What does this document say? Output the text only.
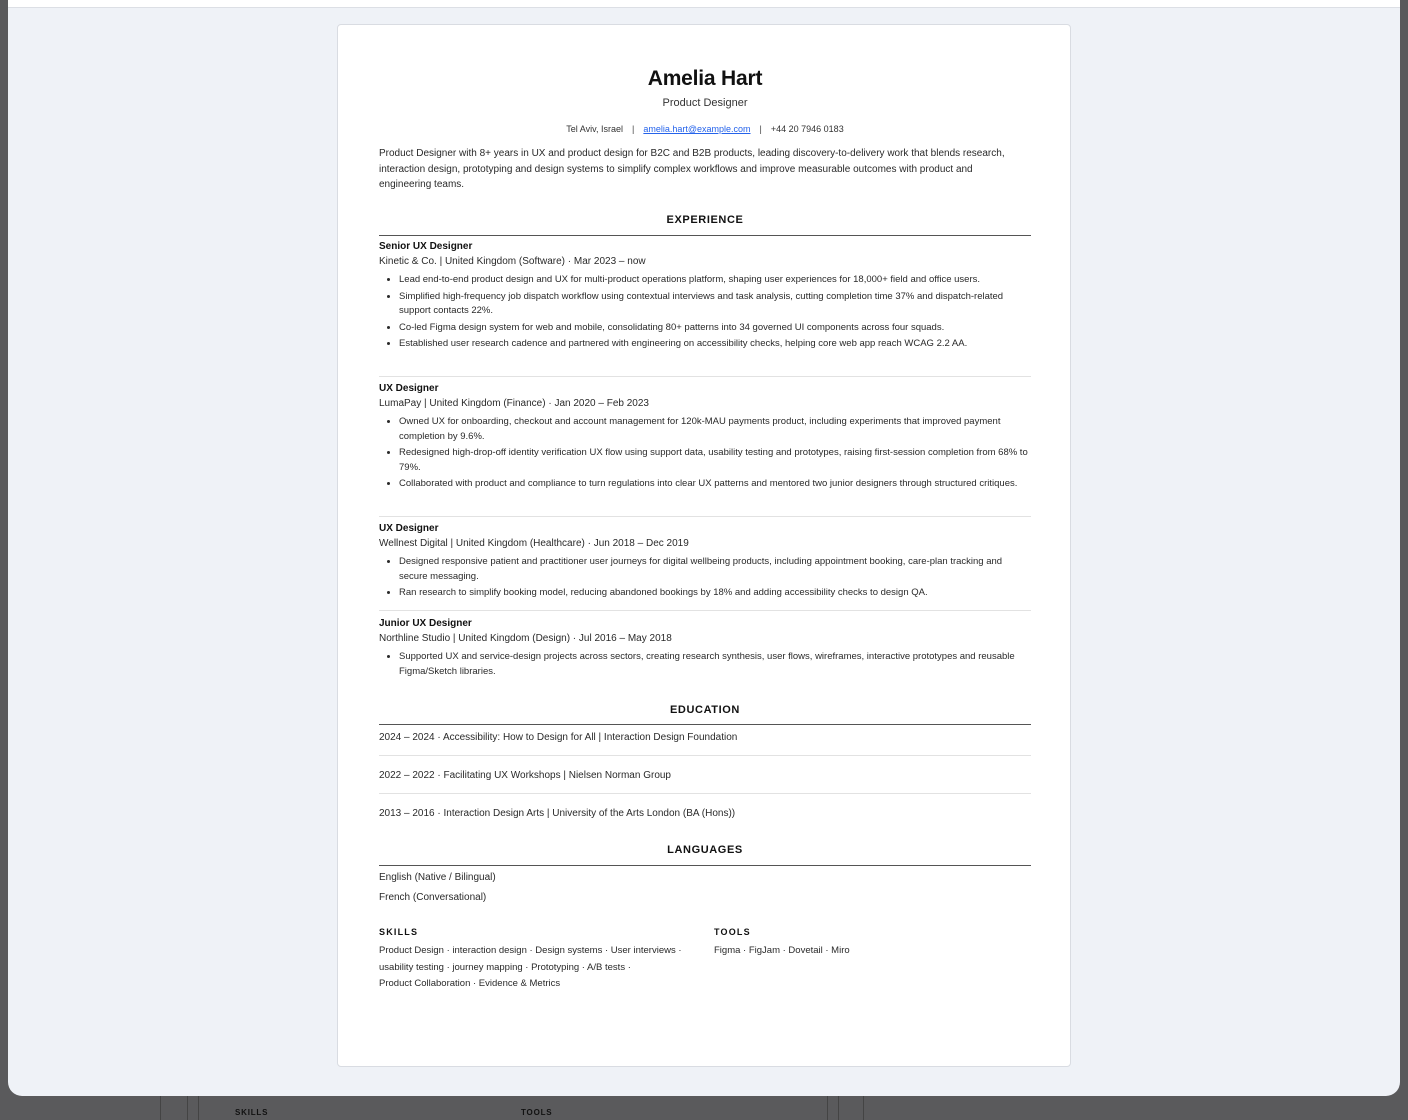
SKILLS	TOOLS
Amelia Hart
Product Designer
Tel Aviv, Israel | amelia.hart@example.com | +44 20 7946 0183
Product Designer with 8+ years in UX and product design for B2C and B2B products, leading discovery-to-delivery work that blends research, interaction design, prototyping and design systems to simplify complex workflows and improve measurable outcomes with product and engineering teams.
EXPERIENCE
Senior UX Designer
Kinetic & Co. | United Kingdom (Software) · Mar 2023 – now
• Lead end-to-end product design and UX for multi-product operations platform, shaping user experiences for 18,000+ field and office users.
• Simplified high-frequency job dispatch workflow using contextual interviews and task analysis, cutting completion time 37% and dispatch-related support contacts 22%.
• Co-led Figma design system for web and mobile, consolidating 80+ patterns into 34 governed UI components across four squads.
• Established user research cadence and partnered with engineering on accessibility checks, helping core web app reach WCAG 2.2 AA.
UX Designer
LumaPay | United Kingdom (Finance) · Jan 2020 – Feb 2023
• Owned UX for onboarding, checkout and account management for 120k-MAU payments product, including experiments that improved payment completion by 9.6%.
• Redesigned high-drop-off identity verification UX flow using support data, usability testing and prototypes, raising first-session completion from 68% to 79%.
• Collaborated with product and compliance to turn regulations into clear UX patterns and mentored two junior designers through structured critiques.
UX Designer
Wellnest Digital | United Kingdom (Healthcare) · Jun 2018 – Dec 2019
• Designed responsive patient and practitioner user journeys for digital wellbeing products, including appointment booking, care-plan tracking and secure messaging.
• Ran research to simplify booking model, reducing abandoned bookings by 18% and adding accessibility checks to design QA.
Junior UX Designer
Northline Studio | United Kingdom (Design) · Jul 2016 – May 2018
• Supported UX and service-design projects across sectors, creating research synthesis, user flows, wireframes, interactive prototypes and reusable Figma/Sketch libraries.
EDUCATION
2024 – 2024 · Accessibility: How to Design for All | Interaction Design Foundation
2022 – 2022 · Facilitating UX Workshops | Nielsen Norman Group
2013 – 2016 · Interaction Design Arts | University of the Arts London (BA (Hons))
LANGUAGES
English (Native / Bilingual)
French (Conversational)
SKILLS
Product Design · interaction design · Design systems · User interviews ·
usability testing · journey mapping · Prototyping · A/B tests ·
Product Collaboration · Evidence & Metrics
TOOLS
Figma · FigJam · Dovetail · Miro
